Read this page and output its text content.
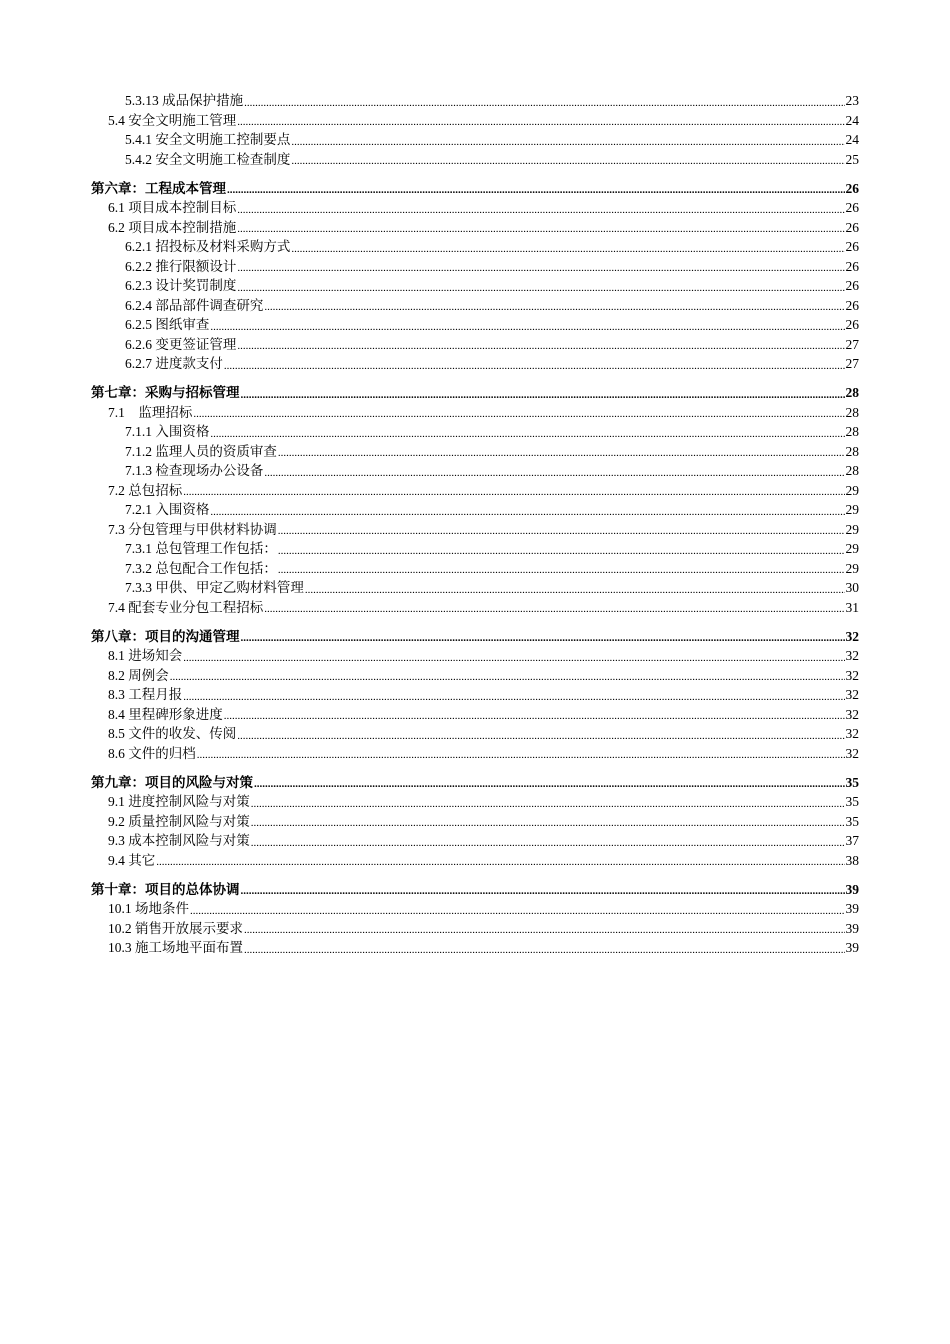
5.3.13 成品保护措施 .....	23
5.4 安全文明施工管理 .....	24
5.4.1 安全文明施工控制要点 .....	24
5.4.2 安全文明施工检查制度 .....	25
第六章：工程成本管理 .....	26
6.1 项目成本控制目标 .....	26
6.2 项目成本控制措施 .....	26
6.2.1 招投标及材料采购方式 .....	26
6.2.2 推行限额设计 .....	26
6.2.3 设计奖罚制度 .....	26
6.2.4 部品部件调查研究 .....	26
6.2.5 图纸审查 .....	26
6.2.6 变更签证管理 .....	27
6.2.7 进度款支付 .....	27
第七章：采购与招标管理 .....	28
7.1　监理招标 .....	28
7.1.1 入围资格 .....	28
7.1.2 监理人员的资质审查 .....	28
7.1.3 检查现场办公设备 .....	28
7.2 总包招标 .....	29
7.2.1 入围资格 .....	29
7.3 分包管理与甲供材料协调 .....	29
7.3.1 总包管理工作包括： .....	29
7.3.2 总包配合工作包括： .....	29
7.3.3 甲供、甲定乙购材料管理 .....	30
7.4 配套专业分包工程招标 .....	31
第八章：项目的沟通管理 .....	32
8.1 进场知会 .....	32
8.2 周例会 .....	32
8.3 工程月报 .....	32
8.4 里程碑形象进度 .....	32
8.5 文件的收发、传阅 .....	32
8.6 文件的归档 .....	32
第九章：项目的风险与对策 .....	35
9.1 进度控制风险与对策 .....	35
9.2 质量控制风险与对策 .....	35
9.3 成本控制风险与对策 .....	37
9.4 其它 .....	38
第十章：项目的总体协调 .....	39
10.1 场地条件 .....	39
10.2 销售开放展示要求 .....	39
10.3 施工场地平面布置 .....	39
